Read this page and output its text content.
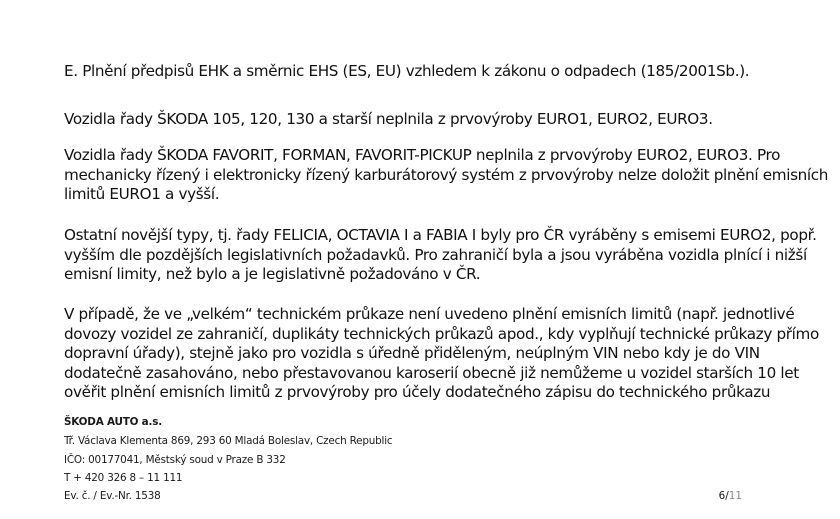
E. Plnění předpisů EHK a směrnic EHS (ES, EU) vzhledem k zákonu o odpadech (185/2001Sb.).

Vozidla řady ŠKODA 105, 120, 130 a starší neplnila z prvovýroby EURO1, EURO2, EURO3.

Vozidla řady ŠKODA FAVORIT, FORMAN, FAVORIT-PICKUP neplnila z prvovýroby EURO2, EURO3. Pro
mechanicky řízený i elektronicky řízený karburátorový systém z prvovýroby nelze doložit plnění emisních
limitů EURO1 a vyšší.

Ostatní novější typy, tj. řady FELICIA, OCTAVIA I a FABIA I byly pro ČR vyráběny s emisemi EURO2, popř.
vyšším dle pozdějších legislativních požadavků. Pro zahraničí byla a jsou vyráběna vozidla plnící i nižší
emisní limity, než bylo a je legislativně požadováno v ČR.

V případě, že ve „velkém“ technickém průkaze není uvedeno plnění emisních limitů (např. jednotlivé
dovozy vozidel ze zahraničí, duplikáty technických průkazů apod., kdy vyplňují technické průkazy přímo
dopravní úřady), stejně jako pro vozidla s úředně přiděleným, neúplným VIN nebo kdy je do VIN
dodatečně zasahováno, nebo přestavovanou karoserií obecně již nemůžeme u vozidel starších 10 let
ověřit plnění emisních limitů z prvovýroby pro účely dodatečného zápisu do technického průkazu

ŠKODA AUTO a.s.
Tř. Václava Klementa 869, 293 60 Mladá Boleslav, Czech Republic
IČO: 00177041, Městský soud v Praze B 332
T + 420 326 8 – 11 111
Ev. č. / Ev.-Nr. 1538	6/11
